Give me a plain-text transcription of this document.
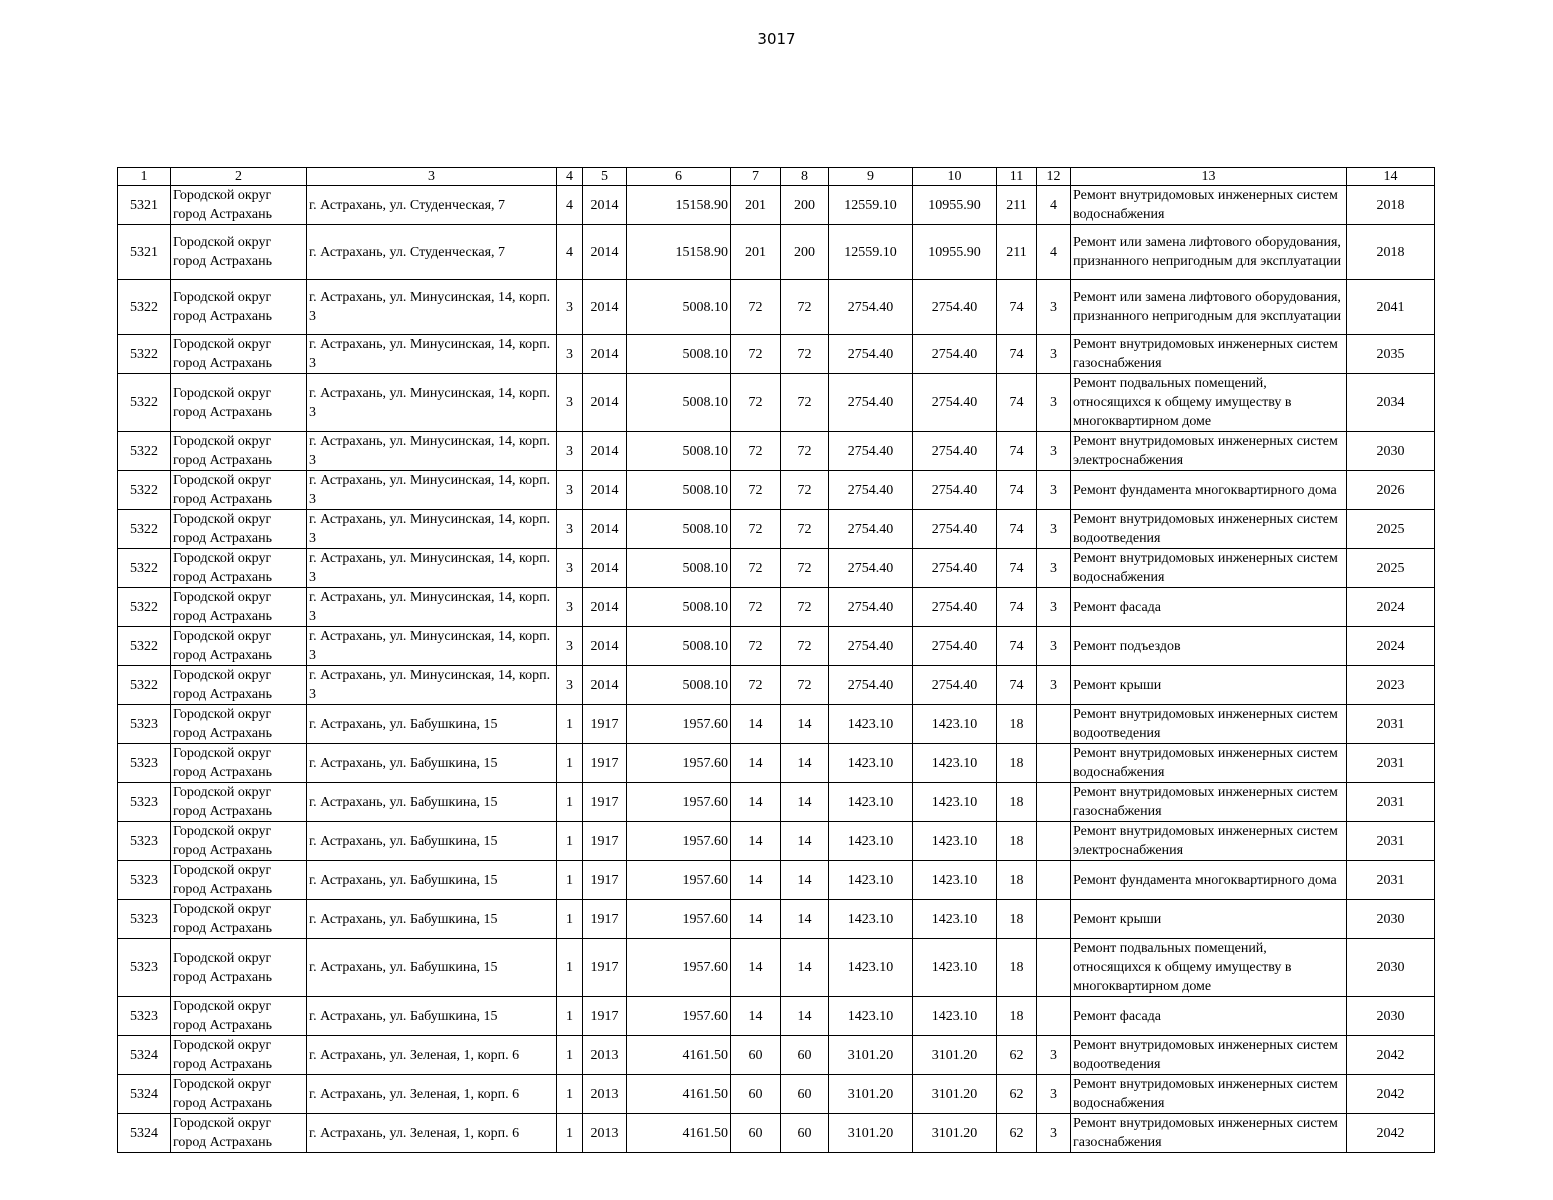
3017
1	2	3	4	5	6	7	8	9	10	11	12	13	14
5321	Городской округ город Астрахань	г. Астрахань, ул. Студенческая, 7	4	2014	15158.90	201	200	12559.10	10955.90	211	4	Ремонт внутридомовых инженерных систем водоснабжения	2018
5321	Городской округ город Астрахань	г. Астрахань, ул. Студенческая, 7	4	2014	15158.90	201	200	12559.10	10955.90	211	4	Ремонт или замена лифтового оборудования, признанного непригодным для эксплуатации	2018
5322	Городской округ город Астрахань	г. Астрахань, ул. Минусинская, 14, корп. 3	3	2014	5008.10	72	72	2754.40	2754.40	74	3	Ремонт или замена лифтового оборудования, признанного непригодным для эксплуатации	2041
5322	Городской округ город Астрахань	г. Астрахань, ул. Минусинская, 14, корп. 3	3	2014	5008.10	72	72	2754.40	2754.40	74	3	Ремонт внутридомовых инженерных систем газоснабжения	2035
5322	Городской округ город Астрахань	г. Астрахань, ул. Минусинская, 14, корп. 3	3	2014	5008.10	72	72	2754.40	2754.40	74	3	Ремонт подвальных помещений, относящихся к общему имуществу в многоквартирном доме	2034
5322	Городской округ город Астрахань	г. Астрахань, ул. Минусинская, 14, корп. 3	3	2014	5008.10	72	72	2754.40	2754.40	74	3	Ремонт внутридомовых инженерных систем электроснабжения	2030
5322	Городской округ город Астрахань	г. Астрахань, ул. Минусинская, 14, корп. 3	3	2014	5008.10	72	72	2754.40	2754.40	74	3	Ремонт фундамента многоквартирного дома	2026
5322	Городской округ город Астрахань	г. Астрахань, ул. Минусинская, 14, корп. 3	3	2014	5008.10	72	72	2754.40	2754.40	74	3	Ремонт внутридомовых инженерных систем водоотведения	2025
5322	Городской округ город Астрахань	г. Астрахань, ул. Минусинская, 14, корп. 3	3	2014	5008.10	72	72	2754.40	2754.40	74	3	Ремонт внутридомовых инженерных систем водоснабжения	2025
5322	Городской округ город Астрахань	г. Астрахань, ул. Минусинская, 14, корп. 3	3	2014	5008.10	72	72	2754.40	2754.40	74	3	Ремонт фасада	2024
5322	Городской округ город Астрахань	г. Астрахань, ул. Минусинская, 14, корп. 3	3	2014	5008.10	72	72	2754.40	2754.40	74	3	Ремонт подъездов	2024
5322	Городской округ город Астрахань	г. Астрахань, ул. Минусинская, 14, корп. 3	3	2014	5008.10	72	72	2754.40	2754.40	74	3	Ремонт крыши	2023
5323	Городской округ город Астрахань	г. Астрахань, ул. Бабушкина, 15	1	1917	1957.60	14	14	1423.10	1423.10	18		Ремонт внутридомовых инженерных систем водоотведения	2031
5323	Городской округ город Астрахань	г. Астрахань, ул. Бабушкина, 15	1	1917	1957.60	14	14	1423.10	1423.10	18		Ремонт внутридомовых инженерных систем водоснабжения	2031
5323	Городской округ город Астрахань	г. Астрахань, ул. Бабушкина, 15	1	1917	1957.60	14	14	1423.10	1423.10	18		Ремонт внутридомовых инженерных систем газоснабжения	2031
5323	Городской округ город Астрахань	г. Астрахань, ул. Бабушкина, 15	1	1917	1957.60	14	14	1423.10	1423.10	18		Ремонт внутридомовых инженерных систем электроснабжения	2031
5323	Городской округ город Астрахань	г. Астрахань, ул. Бабушкина, 15	1	1917	1957.60	14	14	1423.10	1423.10	18		Ремонт фундамента многоквартирного дома	2031
5323	Городской округ город Астрахань	г. Астрахань, ул. Бабушкина, 15	1	1917	1957.60	14	14	1423.10	1423.10	18		Ремонт крыши	2030
5323	Городской округ город Астрахань	г. Астрахань, ул. Бабушкина, 15	1	1917	1957.60	14	14	1423.10	1423.10	18		Ремонт подвальных помещений, относящихся к общему имуществу в многоквартирном доме	2030
5323	Городской округ город Астрахань	г. Астрахань, ул. Бабушкина, 15	1	1917	1957.60	14	14	1423.10	1423.10	18		Ремонт фасада	2030
5324	Городской округ город Астрахань	г. Астрахань, ул. Зеленая, 1, корп. 6	1	2013	4161.50	60	60	3101.20	3101.20	62	3	Ремонт внутридомовых инженерных систем водоотведения	2042
5324	Городской округ город Астрахань	г. Астрахань, ул. Зеленая, 1, корп. 6	1	2013	4161.50	60	60	3101.20	3101.20	62	3	Ремонт внутридомовых инженерных систем водоснабжения	2042
5324	Городской округ город Астрахань	г. Астрахань, ул. Зеленая, 1, корп. 6	1	2013	4161.50	60	60	3101.20	3101.20	62	3	Ремонт внутридомовых инженерных систем газоснабжения	2042
